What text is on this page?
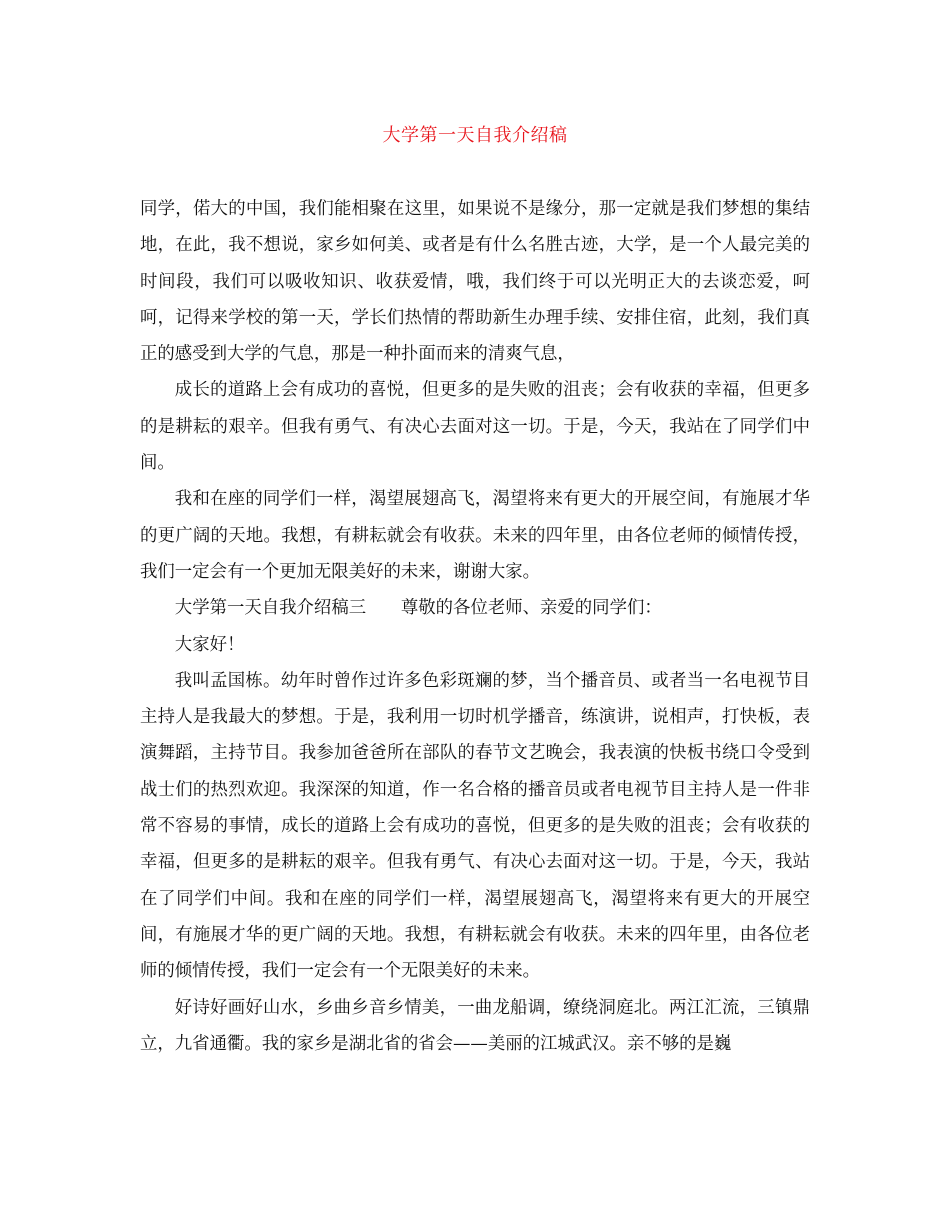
大学第一天自我介绍稿

同学，偌大的中国，我们能相聚在这里，如果说不是缘分，那一定就是我们梦想的集结地，在此，我不想说，家乡如何美、或者是有什么名胜古迹，大学，是一个人最完美的时间段，我们可以吸收知识、收获爱情，哦，我们终于可以光明正大的去谈恋爱，呵呵，记得来学校的第一天，学长们热情的帮助新生办理手续、安排住宿，此刻，我们真正的感受到大学的气息，那是一种扑面而来的清爽气息，

成长的道路上会有成功的喜悦，但更多的是失败的沮丧；会有收获的幸福，但更多的是耕耘的艰辛。但我有勇气、有决心去面对这一切。于是，今天，我站在了同学们中间。

我和在座的同学们一样，渴望展翅高飞，渴望将来有更大的开展空间，有施展才华的更广阔的天地。我想，有耕耘就会有收获。未来的四年里，由各位老师的倾情传授，我们一定会有一个更加无限美好的未来，谢谢大家。

大学第一天自我介绍稿三　　尊敬的各位老师、亲爱的同学们：

大家好！

我叫孟国栋。幼年时曾作过许多色彩斑斓的梦，当个播音员、或者当一名电视节目主持人是我最大的梦想。于是，我利用一切时机学播音，练演讲，说相声，打快板，表演舞蹈，主持节目。我参加爸爸所在部队的春节文艺晚会，我表演的快板书绕口令受到战士们的热烈欢迎。我深深的知道，作一名合格的播音员或者电视节目主持人是一件非常不容易的事情，成长的道路上会有成功的喜悦，但更多的是失败的沮丧；会有收获的幸福，但更多的是耕耘的艰辛。但我有勇气、有决心去面对这一切。于是，今天，我站在了同学们中间。我和在座的同学们一样，渴望展翅高飞，渴望将来有更大的开展空间，有施展才华的更广阔的天地。我想，有耕耘就会有收获。未来的四年里，由各位老师的倾情传授，我们一定会有一个无限美好的未来。

好诗好画好山水，乡曲乡音乡情美，一曲龙船调，缭绕洞庭北。两江汇流，三镇鼎立，九省通衢。我的家乡是湖北省的省会——美丽的江城武汉。亲不够的是巍
